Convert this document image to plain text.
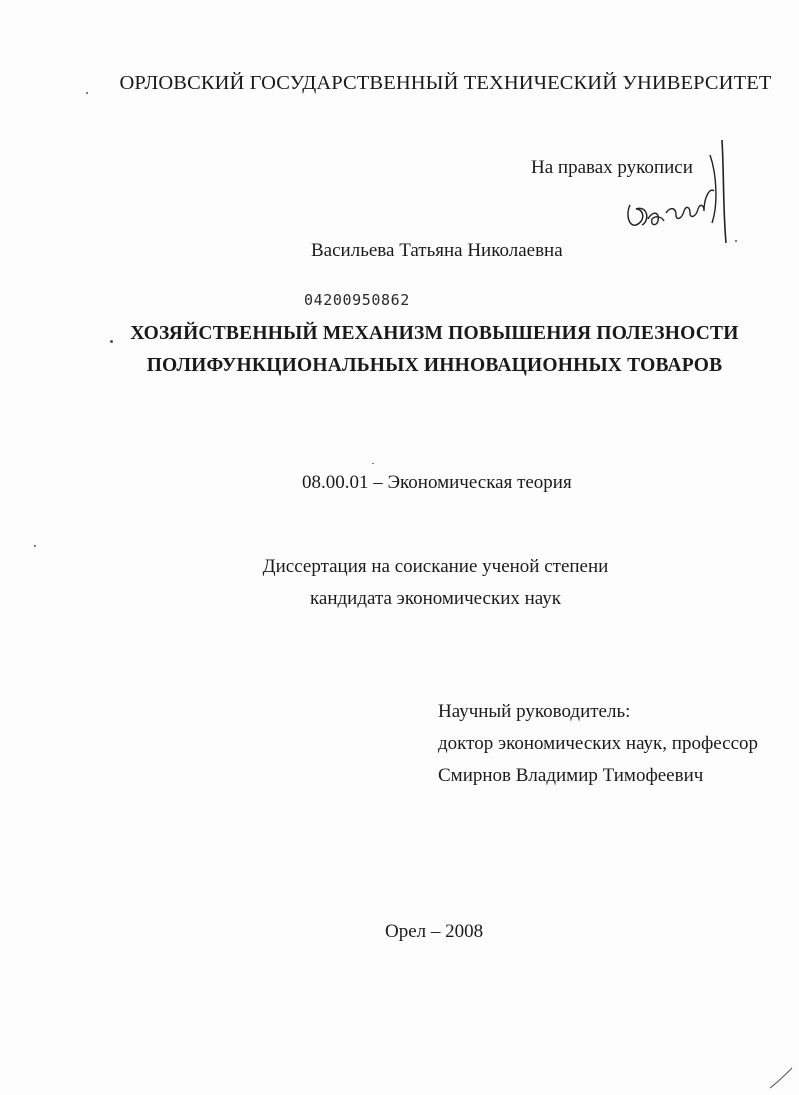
ОРЛОВСКИЙ ГОСУДАРСТВЕННЫЙ ТЕХНИЧЕСКИЙ УНИВЕРСИТЕТ
На правах рукописи
Васильева Татьяна Николаевна
04200950862
ХОЗЯЙСТВЕННЫЙ МЕХАНИЗМ ПОВЫШЕНИЯ ПОЛЕЗНОСТИ
ПОЛИФУНКЦИОНАЛЬНЫХ ИННОВАЦИОННЫХ ТОВАРОВ
08.00.01 – Экономическая теория
Диссертация на соискание ученой степени
кандидата экономических наук
Научный руководитель:
доктор экономических наук, профессор
Смирнов Владимир Тимофеевич
Орел – 2008
